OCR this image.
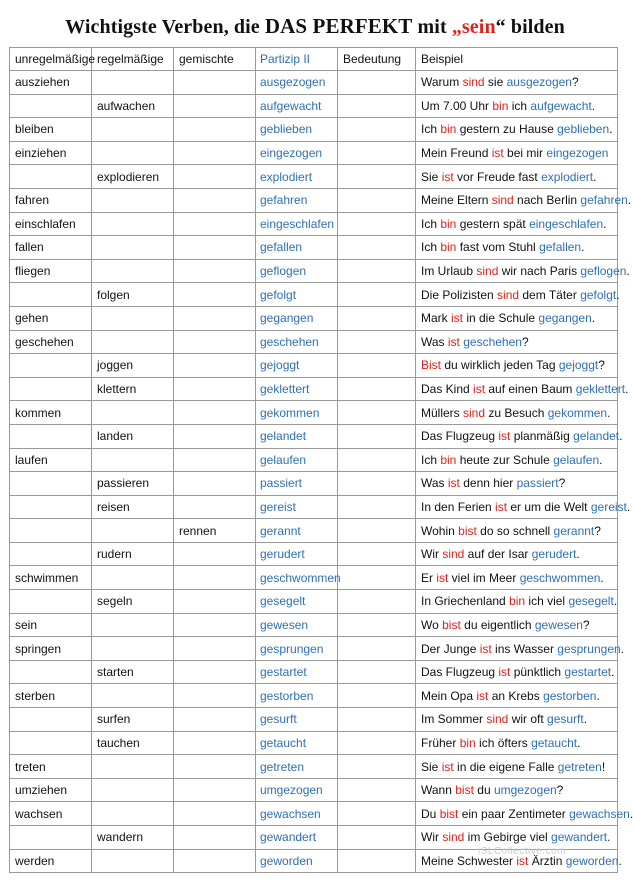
Wichtigste Verben, die DAS PERFEKT mit „sein“ bilden
unregelmäßige	regelmäßige	gemischte	Partizip II	Bedeutung	Beispiel
ausziehen			ausgezogen		Warum sind sie ausgezogen?
	aufwachen		aufgewacht		Um 7.00 Uhr bin ich aufgewacht.
bleiben			geblieben		Ich bin gestern zu Hause geblieben.
einziehen			eingezogen		Mein Freund ist bei mir eingezogen
	explodieren		explodiert		Sie ist vor Freude fast explodiert.
fahren			gefahren		Meine Eltern sind nach Berlin gefahren.
einschlafen			eingeschlafen		Ich bin gestern spät eingeschlafen.
fallen			gefallen		Ich bin fast vom Stuhl gefallen.
fliegen			geflogen		Im Urlaub sind wir nach Paris geflogen.
	folgen		gefolgt		Die Polizisten sind dem Täter gefolgt.
gehen			gegangen		Mark ist in die Schule gegangen.
geschehen			geschehen		Was ist geschehen?
	joggen		gejoggt		Bist du wirklich jeden Tag gejoggt?
	klettern		geklettert		Das Kind ist auf einen Baum geklettert.
kommen			gekommen		Müllers sind zu Besuch gekommen.
	landen		gelandet		Das Flugzeug ist planmäßig gelandet.
laufen			gelaufen		Ich bin heute zur Schule gelaufen.
	passieren		passiert		Was ist denn hier passiert?
	reisen		gereist		In den Ferien ist er um die Welt gereist.
		rennen	gerannt		Wohin bist do so schnell gerannt?
	rudern		gerudert		Wir sind auf der Isar gerudert.
schwimmen			geschwommen		Er ist viel im Meer geschwommen.
	segeln		gesegelt		In Griechenland bin ich viel gesegelt.
sein			gewesen		Wo bist du eigentlich gewesen?
springen			gesprungen		Der Junge ist ins Wasser gesprungen.
	starten		gestartet		Das Flugzeug ist pünktlich gestartet.
sterben			gestorben		Mein Opa ist an Krebs gestorben.
	surfen		gesurft		Im Sommer sind wir oft gesurft.
	tauchen		getaucht		Früher bin ich öfters getaucht.
treten			getreten		Sie ist in die eigene Falle getreten!
umziehen			umgezogen		Wann bist du umgezogen?
wachsen			gewachsen		Du bist ein paar Zentimeter gewachsen.
	wandern		gewandert		Wir sind im Gebirge viel gewandert.
werden			geworden		Meine Schwester ist Ärztin geworden.
iSLCollective.com
